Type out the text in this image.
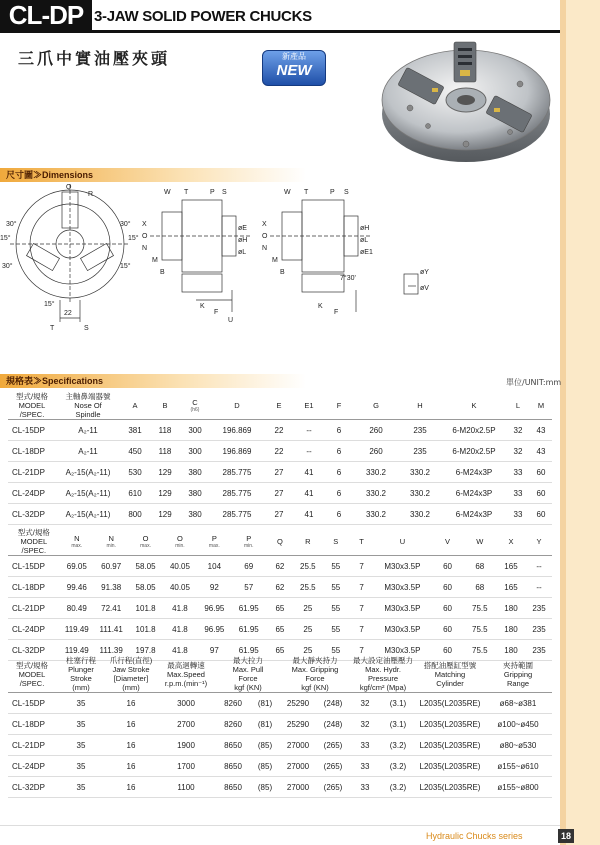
CL-DP 3-JAW SOLID POWER CHUCKS
三爪中實油壓夾頭	新產品
NEW
尺寸圖≫Dimensions
Q
R
30°
15°
30°
15°
30°	15°
15°
22
T	S
W T	P S
X
O
N
M
B
øE
øH
øL
K
F
U
W T	P S
X
O
N
M
B
øH
øL
øE1
K
F
7°30'
øY
øV
規格表≫Specifications	單位/UNIT:mm
型式/規格
MODEL
/SPEC.	主軸鼻端器號
Nose Of
Spindle	A	B	C
(h6)	D	E	E1	F	G	H	K	L	M
CL-15DP	A₂-11	381	118	300	196.869	22	--	6	260	235	6-M20x2.5P	32	43
CL-18DP	A₂-11	450	118	300	196.869	22	--	6	260	235	6-M20x2.5P	32	43
CL-21DP	A₂-15(A₂-11)	530	129	380	285.775	27	41	6	330.2	330.2	6-M24x3P	33	60
CL-24DP	A₂-15(A₂-11)	610	129	380	285.775	27	41	6	330.2	330.2	6-M24x3P	33	60
CL-32DP	A₂-15(A₂-11)	800	129	380	285.775	27	41	6	330.2	330.2	6-M24x3P	33	60
型式/規格
MODEL
/SPEC.	N
max.	N
min.	O
max.	O
min.	P
max.	P
min.	Q	R	S	T	U	V	W	X	Y
CL-15DP	69.05	60.97	58.05	40.05	104	69	62	25.5	55	7	M30x3.5P	60	68	165	--
CL-18DP	99.46	91.38	58.05	40.05	92	57	62	25.5	55	7	M30x3.5P	60	68	165	--
CL-21DP	80.49	72.41	101.8	41.8	96.95	61.95	65	25	55	7	M30x3.5P	60	75.5	180	235
CL-24DP	119.49	111.41	101.8	41.8	96.95	61.95	65	25	55	7	M30x3.5P	60	75.5	180	235
CL-32DP	119.49	111.39	197.8	41.8	97	61.95	65	25	55	7	M30x3.5P	60	75.5	180	235
型式/規格
MODEL
/SPEC.	柱塞行程
Plunger
Stroke
(mm)	爪行程(直徑)
Jaw Stroke
[Diameter]
(mm)	最高迴轉速
Max.Speed
r.p.m.(min⁻¹)	最大拉力
Max. Pull
Force
kgf (KN)		最大靜夾持力
Max. Gripping
Force
kgf (KN)		最大設定油壓壓力
Max. Hydr.
Pressure
kgf/cm² (Mpa)		搭配油壓缸型號
Matching
Cylinder	夾持範圍
Gripping
Range
CL-15DP	35	16	3000	8260	(81)	25290	(248)	32	(3.1)	L2035(L2035RE)	ø68~ø381
CL-18DP	35	16	2700	8260	(81)	25290	(248)	32	(3.1)	L2035(L2035RE)	ø100~ø450
CL-21DP	35	16	1900	8650	(85)	27000	(265)	33	(3.2)	L2035(L2035RE)	ø80~ø530
CL-24DP	35	16	1700	8650	(85)	27000	(265)	33	(3.2)	L2035(L2035RE)	ø155~ø610
CL-32DP	35	16	1100	8650	(85)	27000	(265)	33	(3.2)	L2035(L2035RE)	ø155~ø800
Hydraulic Chucks series	18
